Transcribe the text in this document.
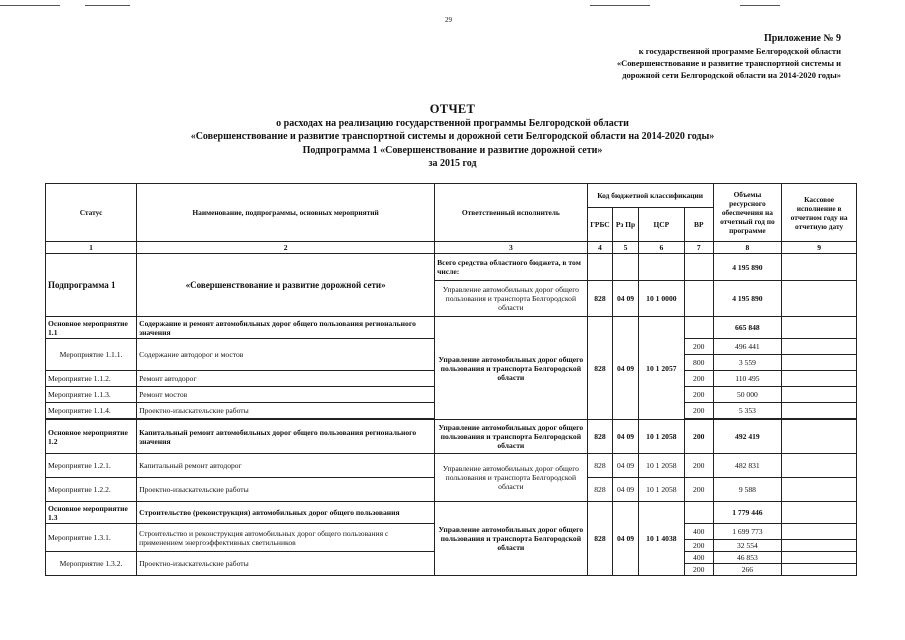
29
Приложение № 9
к государственной программе Белгородской области
«Совершенствование и развитие транспортной системы и
дорожной сети Белгородской области на 2014-2020 годы»
ОТЧЕТ
о расходах на реализацию государственной программы Белгородской области
«Совершенствование и развитие транспортной системы и дорожной сети Белгородской области на 2014-2020 годы»
Подпрограмма 1 «Совершенствование и развитие дорожной сети»
за 2015 год
Статус	Наименование, подпрограммы, основных мероприятий	Ответственный исполнитель	Код бюджетной классификации				Объемы ресурсного обеспечения на отчетный год по программе	Кассовое исполнение в отчетном году на отчетную дату
			ГРБС	Рз Пр	ЦСР	ВР		
1	2	3	4	5	6	7	8	9
Подпрограмма 1	«Совершенствование и развитие дорожной сети»	Всего средства областного бюджета, в том числе:					4 195 890	
		Управление автомобильных дорог общего пользования и транспорта Белгородской области	828	04 09	10 1 0000		4 195 890	
Основное мероприятие 1.1	Содержание и ремонт автомобильных дорог общего пользования регионального значения	Управление автомобильных дорог общего пользования и транспорта Белгородской области	828	04 09	10 1 2057		665 848	
Мероприятие 1.1.1.	Содержание автодорог и мостов					200	496 441	
						800	3 559	
Мероприятие 1.1.2.	Ремонт автодорог					200	110 495	
Мероприятие 1.1.3.	Ремонт мостов					200	50 000	
Мероприятие 1.1.4.	Проектно-изыскательские работы					200	5 353	

Основное мероприятие 1.2	Капитальный ремонт автомобильных дорог общего пользования регионального значения	Управление автомобильных дорог общего пользования и транспорта Белгородской области	828	04 09	10 1 2058	200	492 419	
Мероприятие 1.2.1.	Капитальный ремонт автодорог	Управление автомобильных дорог общего пользования и транспорта Белгородской области	828	04 09	10 1 2058	200	482 831	
Мероприятие 1.2.2.	Проектно-изыскательские работы		828	04 09	10 1 2058	200	9 588	
Основное мероприятие 1.3	Строительство (реконструкция) автомобильных дорог общего пользования	Управление автомобильных дорог общего пользования и транспорта Белгородской области	828	04 09	10 1 4038		1 779 446	
Мероприятие 1.3.1.	Строительство и реконструкция автомобильных дорог общего пользования с применением энергоэффективных светильников					400	1 699 773	
						200	32 554	
Мероприятие 1.3.2.	Проектно-изыскательские работы					400	46 853	
						200	266	
